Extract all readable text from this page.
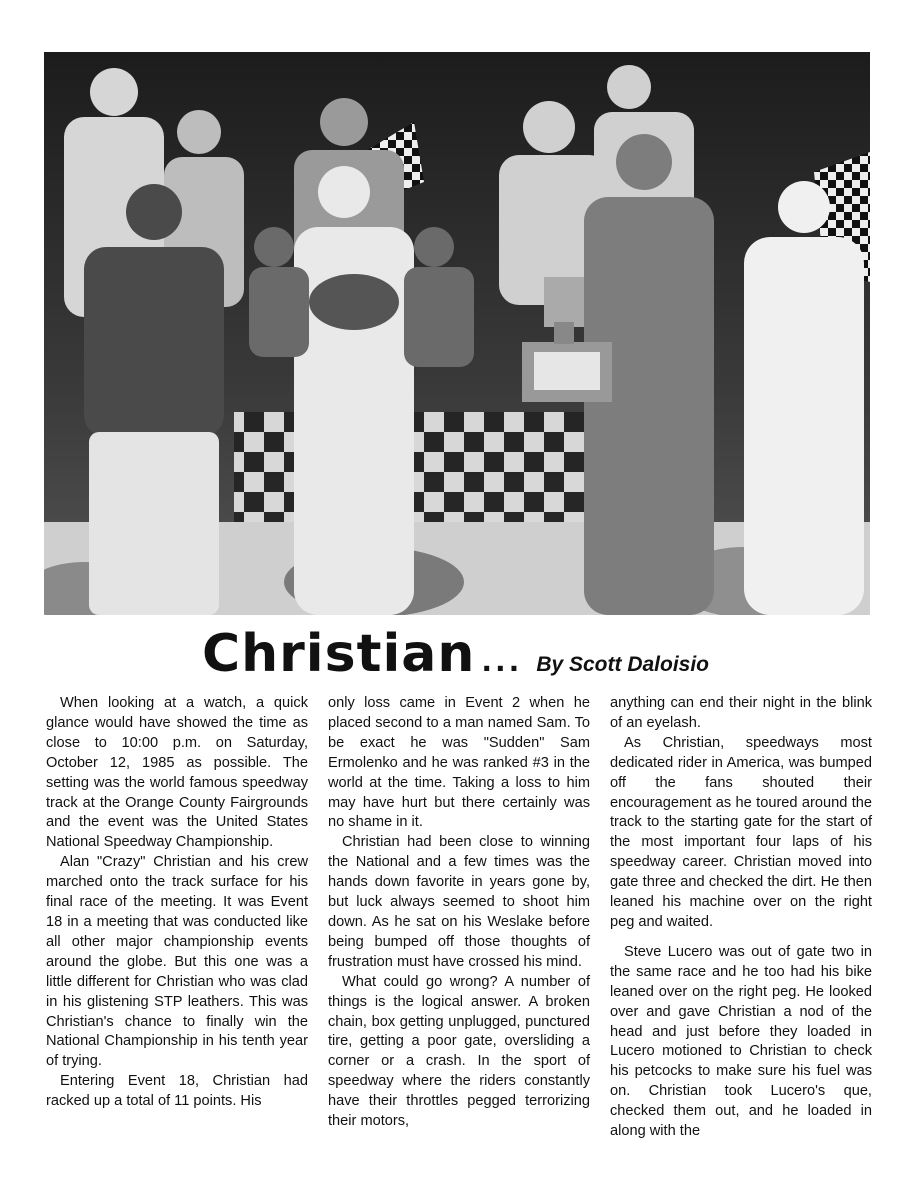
Christian ... By Scott Daloisio

When looking at a watch, a quick glance would have showed the time as close to 10:00 p.m. on Saturday, October 12, 1985 as possible. The setting was the world famous speedway track at the Orange County Fairgrounds and the event was the United States National Speedway Championship.

Alan "Crazy" Christian and his crew marched onto the track surface for his final race of the meeting. It was Event 18 in a meeting that was conducted like all other major championship events around the globe. But this one was a little different for Christian who was clad in his glistening STP leathers. This was Christian's chance to finally win the National Championship in his tenth year of trying.

Entering Event 18, Christian had racked up a total of 11 points. His

only loss came in Event 2 when he placed second to a man named Sam. To be exact he was "Sudden" Sam Ermolenko and he was ranked #3 in the world at the time. Taking a loss to him may have hurt but there certainly was no shame in it.

Christian had been close to winning the National and a few times was the hands down favorite in years gone by, but luck always seemed to shoot him down. As he sat on his Weslake before being bumped off those thoughts of frustration must have crossed his mind.

What could go wrong? A number of things is the logical answer. A broken chain, box getting unplugged, punctured tire, getting a poor gate, oversliding a corner or a crash. In the sport of speedway where the riders constantly have their throttles pegged terrorizing their motors,

anything can end their night in the blink of an eyelash.

As Christian, speedways most dedicated rider in America, was bumped off the fans shouted their encouragement as he toured around the track to the starting gate for the start of the most important four laps of his speedway career. Christian moved into gate three and checked the dirt. He then leaned his machine over on the right peg and waited.

Steve Lucero was out of gate two in the same race and he too had his bike leaned over on the right peg. He looked over and gave Christian a nod of the head and just before they loaded in Lucero motioned to Christian to check his petcocks to make sure his fuel was on. Christian took Lucero's que, checked them out, and he loaded in along with the
